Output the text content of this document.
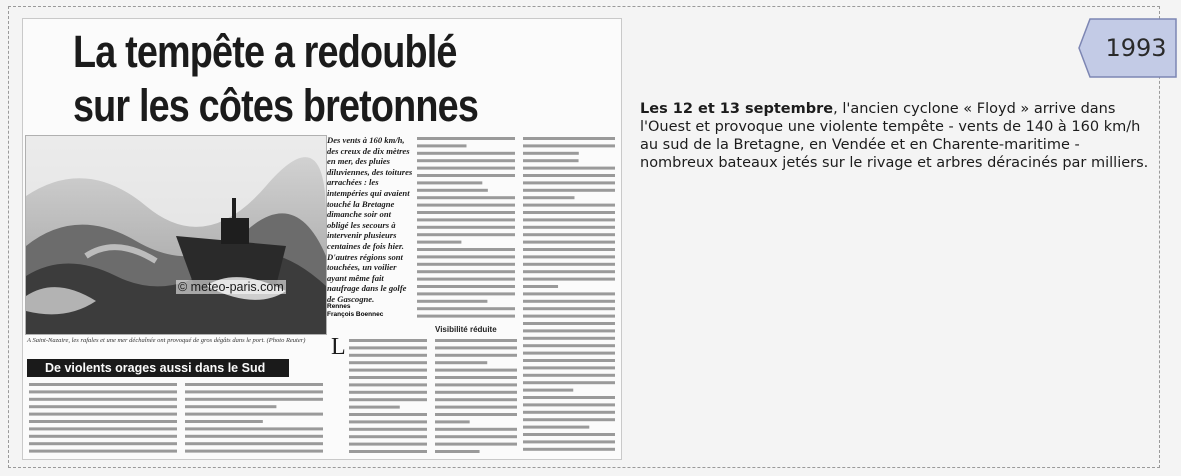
1993
La tempête a redoublé
sur les côtes bretonnes
© meteo-paris.com
A Saint-Nazaire, les rafales et une mer déchaînée ont provoqué de gros dégâts dans le port. (Photo Reuter)
De violents orages aussi dans le Sud
Des vents à 160 km/h, des creux de dix mètres en mer, des pluies diluviennes, des toitures arrachées : les intempéries qui avaient touché la Bretagne dimanche soir ont obligé les secours à intervenir plusieurs centaines de fois hier. D'autres régions sont touchées, un voilier ayant même fait naufrage dans le golfe de Gascogne.
Rennes
François Boennec
L
Visibilité réduite
Les 12 et 13 septembre, l'ancien cyclone « Floyd » arrive dans l'Ouest et provoque une violente tempête - vents de 140 à 160 km/h au sud de la Bretagne, en Vendée et en Charente-maritime - nombreux bateaux jetés sur le rivage et arbres déracinés par milliers.
